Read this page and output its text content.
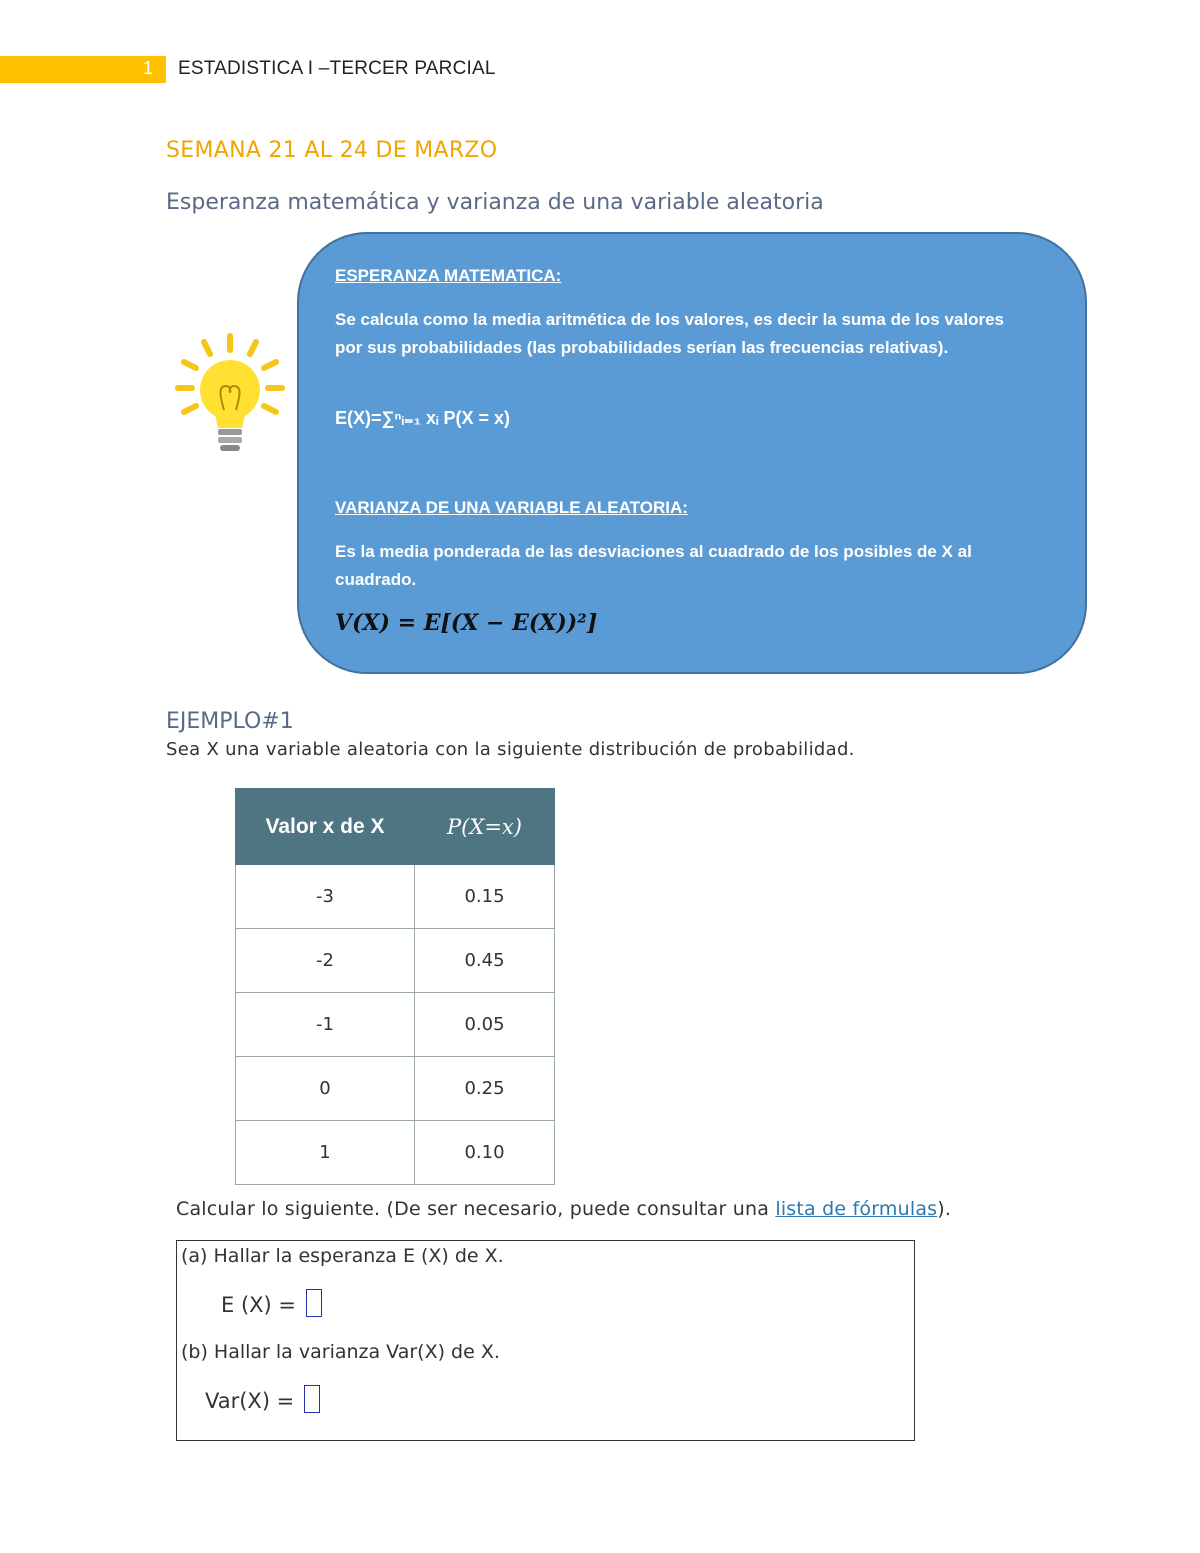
1 ESTADISTICA I –TERCER PARCIAL
SEMANA 21 AL 24 DE MARZO
Esperanza matemática y varianza de una variable aleatoria
ESPERANZA MATEMATICA:
Se calcula como la media aritmética de los valores, es decir la suma de los valores por sus probabilidades (las probabilidades serían las frecuencias relativas).
E(X)=∑ⁿᵢ₌₁ xᵢ P(X = x)
VARIANZA DE UNA VARIABLE ALEATORIA:
Es la media ponderada de las desviaciones al cuadrado de los posibles de X al cuadrado.
V(X) = E[(X − E(X))²]
EJEMPLO#1
Sea X una variable aleatoria con la siguiente distribución de probabilidad.
Valor x de X	P(X=x)
-3	0.15
-2	0.45
-1	0.05
0	0.25
1	0.10
Calcular lo siguiente. (De ser necesario, puede consultar una lista de fórmulas).
(a) Hallar la esperanza E (X) de X.
E (X) =
(b) Hallar la varianza Var(X) de X.
Var(X) =
